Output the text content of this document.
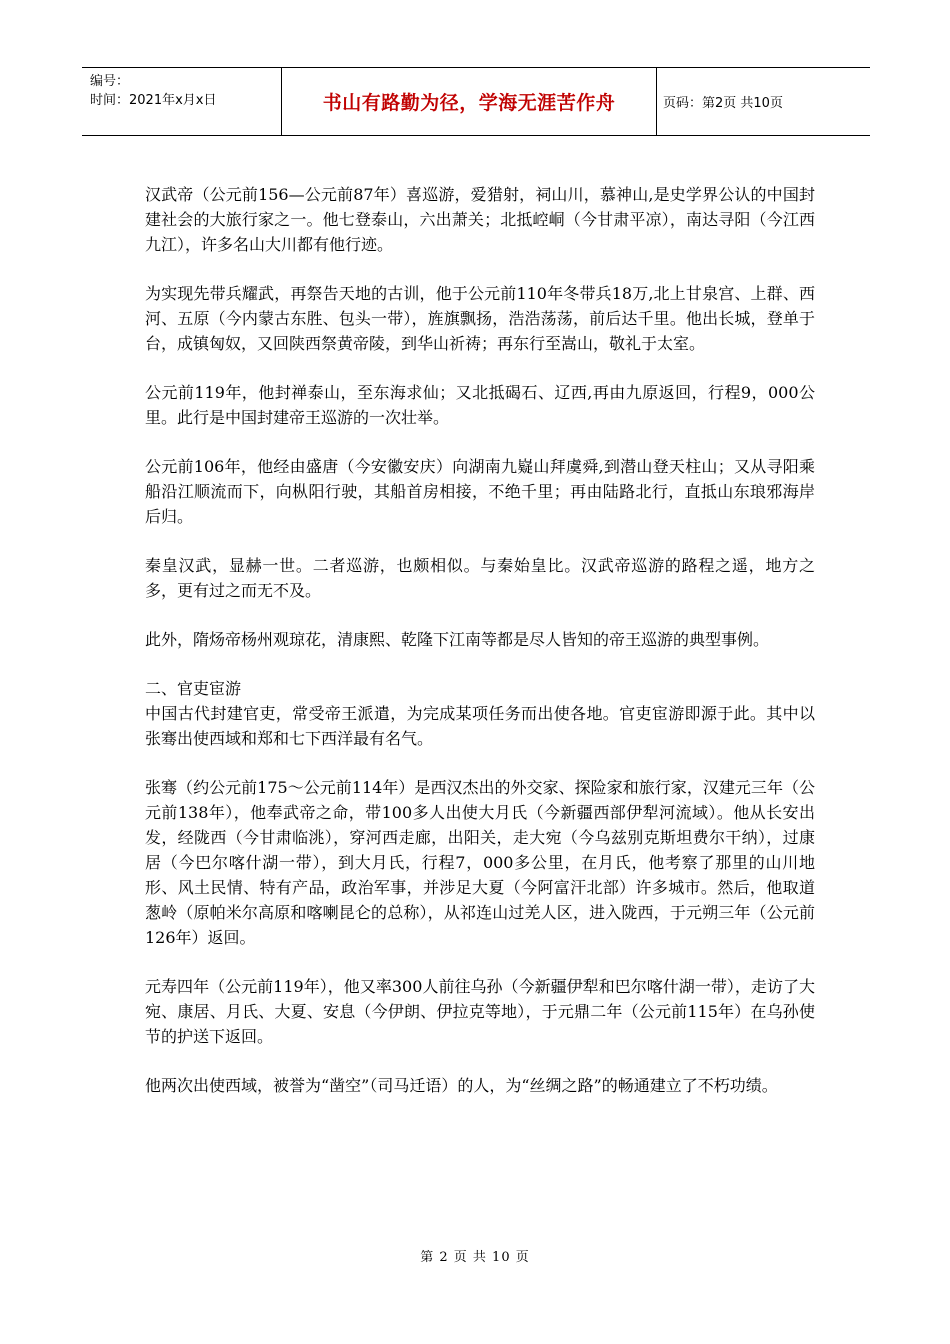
编号：
时间：2021年x月x日	书山有路勤为径，学海无涯苦作舟	页码：第2页 共10页

汉武帝（公元前156—公元前87年）喜巡游，爱猎射，祠山川，慕神山,是史学界公认的中国封建社会的大旅行家之一。他七登泰山，六出萧关；北抵崆峒（今甘肃平凉），南达寻阳（今江西九江），许多名山大川都有他行迹。

为实现先带兵耀武，再祭告天地的古训，他于公元前110年冬带兵18万,北上甘泉宫、上群、西河、五原（今内蒙古东胜、包头一带），旌旗飘扬，浩浩荡荡，前后达千里。他出长城，登单于台，成镇匈奴，又回陕西祭黄帝陵，到华山祈祷；再东行至嵩山，敬礼于太室。

公元前119年，他封禅泰山，至东海求仙；又北抵碣石、辽西,再由九原返回，行程9，000公里。此行是中国封建帝王巡游的一次壮举。

公元前106年，他经由盛唐（今安徽安庆）向湖南九嶷山拜虞舜,到潜山登天柱山；又从寻阳乘船沿江顺流而下，向枞阳行驶，其船首房相接，不绝千里；再由陆路北行，直抵山东琅邪海岸后归。

秦皇汉武，显赫一世。二者巡游，也颇相似。与秦始皇比。汉武帝巡游的路程之遥，地方之多，更有过之而无不及。

此外，隋炀帝杨州观琼花，清康熙、乾隆下江南等都是尽人皆知的帝王巡游的典型事例。

二、官吏宦游

中国古代封建官吏，常受帝王派遣，为完成某项任务而出使各地。官吏宦游即源于此。其中以张骞出使西域和郑和七下西洋最有名气。

张骞（约公元前175～公元前114年）是西汉杰出的外交家、探险家和旅行家，汉建元三年（公元前138年），他奉武帝之命，带100多人出使大月氏（今新疆西部伊犁河流域）。他从长安出发，经陇西（今甘肃临洮），穿河西走廊，出阳关，走大宛（今乌兹别克斯坦费尔干纳），过康居（今巴尔喀什湖一带），到大月氏，行程7，000多公里，在月氏，他考察了那里的山川地形、风土民情、特有产品，政治军事，并涉足大夏（今阿富汗北部）许多城市。然后，他取道葱岭（原帕米尔高原和喀喇昆仑的总称），从祁连山过羌人区，进入陇西，于元朔三年（公元前126年）返回。

元寿四年（公元前119年），他又率300人前往乌孙（今新疆伊犁和巴尔喀什湖一带），走访了大宛、康居、月氏、大夏、安息（今伊朗、伊拉克等地），于元鼎二年（公元前115年）在乌孙使节的护送下返回。

他两次出使西域，被誉为“凿空”（司马迁语）的人，为“丝绸之路”的畅通建立了不朽功绩。

第 2 页 共 10 页
